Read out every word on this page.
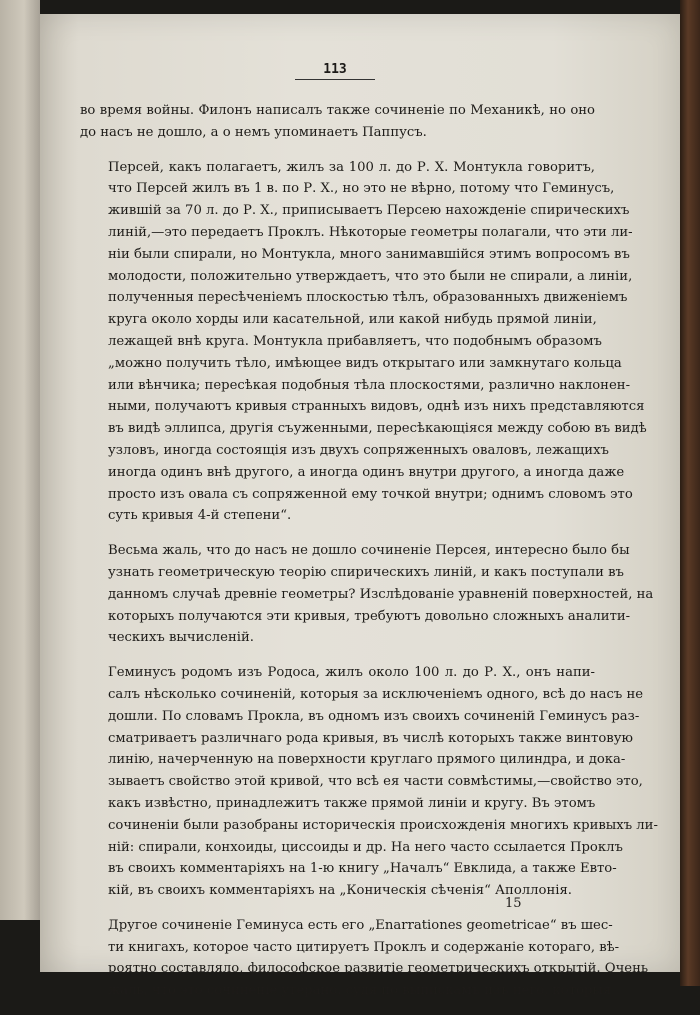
113

во время войны. Филонъ написалъ также сочиненіе по Механикѣ, но оно
до насъ не дошло, а о немъ упоминаетъ Паппусъ.

Персей, какъ полагаетъ, жилъ за 100 л. до Р. Х. Монтукла говоритъ,
что Персей жилъ въ 1 в. по Р. Х., но это не вѣрно, потому что Геминусъ,
жившій за 70 л. до Р. Х., приписываетъ Персею нахожденіе спирическихъ
линій,—это передаетъ Проклъ. Нѣкоторые геометры полагали, что эти ли-
ніи были спирали, но Монтукла, много занимавшійся этимъ вопросомъ въ
молодости, положительно утверждаетъ, что это были не спирали, а линіи,
полученныя пересѣченіемъ плоскостью тѣлъ, образованныхъ движеніемъ
круга около хорды или касательной, или какой нибудь прямой линіи,
лежащей внѣ круга. Монтукла прибавляетъ, что подобнымъ образомъ
„можно получить тѣло, имѣющее видъ открытаго или замкнутаго кольца
или вѣнчика; пересѣкая подобныя тѣла плоскостями, различно наклонен-
ными, получаютъ кривыя странныхъ видовъ, однѣ изъ нихъ представляются
въ видѣ эллипса, другія съуженными, пересѣкающіяся между собою въ видѣ
узловъ, иногда состоящія изъ двухъ сопряженныхъ оваловъ, лежащихъ
иногда одинъ внѣ другого, а иногда одинъ внутри другого, а иногда даже
просто изъ овала съ сопряженной ему точкой внутри; однимъ словомъ это
суть кривыя 4-й степени“.

Весьма жаль, что до насъ не дошло сочиненіе Персея, интересно было бы
узнать геометрическую теорію спирическихъ линій, и какъ поступали въ
данномъ случаѣ древніе геометры? Изслѣдованіе уравненій поверхностей, на
которыхъ получаются эти кривыя, требуютъ довольно сложныхъ аналити-
ческихъ вычисленій.

Геминусъ родомъ изъ Родоса, жилъ около 100 л. до Р. Х., онъ напи-
салъ нѣсколько сочиненій, которыя за исключеніемъ одного, всѣ до насъ не
дошли. По словамъ Прокла, въ одномъ изъ своихъ сочиненій Геминусъ раз-
сматриваетъ различнаго рода кривыя, въ числѣ которыхъ также винтовую
линію, начерченную на поверхности круглаго прямого цилиндра, и дока-
зываетъ свойство этой кривой, что всѣ ея части совмѣстимы,—свойство это,
какъ извѣстно, принадлежитъ также прямой линіи и кругу. Въ этомъ
сочиненіи были разобраны историческія происхожденія многихъ кривыхъ ли-
ній: спирали, конхоиды, циссоиды и др. На него часто ссылается Проклъ
въ своихъ комментаріяхъ на 1-ю книгу „Началъ“ Евклида, а также Евто-
кій, въ своихъ комментаріяхъ на „Коническія сѣченія“ Аполлонія.

Другое сочиненіе Геминуса есть его „Enarrationes geometricae“ въ шес-
ти книгахъ, которое часто цитируетъ Проклъ и содержаніе котораго, вѣ-
роятно составляло, философское развитіе геометрическихъ открытій. Очень
жаль, что это сочиненіе утерано, судя по выпискамъ изъ него, которыя

15
